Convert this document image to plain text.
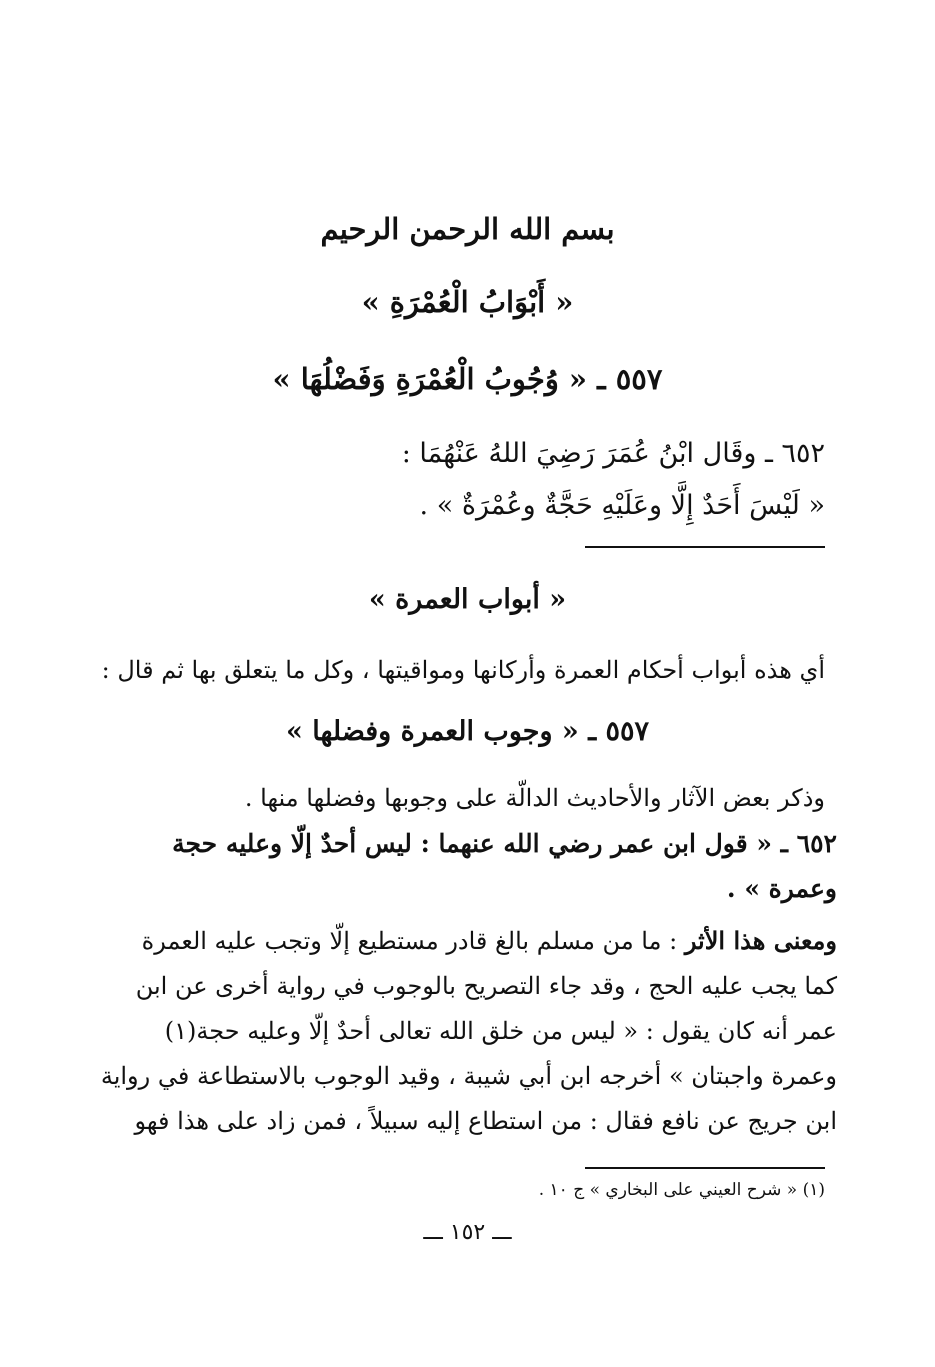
بسم الله الرحمن الرحيم
« أَبْوَابُ الْعُمْرَةِ »
٥٥٧ ـ « وُجُوبُ الْعُمْرَةِ وَفَضْلُهَا »
٦٥٢ ـ وقَال ابْنُ عُمَرَ رَضِيَ اللهُ عَنْهُمَا :
« لَيْسَ أَحَدٌ إِلَّا وعَلَيْهِ حَجَّةٌ وعُمْرَةٌ » .
« أبواب العمرة »
أي هذه أبواب أحكام العمرة وأركانها ومواقيتها ، وكل ما يتعلق بها ثم قال :
٥٥٧ ـ « وجوب العمرة وفضلها »
وذكر بعض الآثار والأحاديث الدالّة على وجوبها وفضلها منها .
٦٥٢ ـ « قول ابن عمر رضي الله عنهما : ليس أحدٌ إلّا وعليه حجة
وعمرة » .
ومعنى هذا الأثر : ما من مسلم بالغ قادر مستطيع إلّا وتجب عليه العمرة
كما يجب عليه الحج ، وقد جاء التصريح بالوجوب في رواية أخرى عن ابن
عمر أنه كان يقول : « ليس من خلق الله تعالى أحدٌ إلّا وعليه حجة(١)
وعمرة واجبتان » أخرجه ابن أبي شيبة ، وقيد الوجوب بالاستطاعة في رواية
ابن جريج عن نافع فقال : من استطاع إليه سبيلاً ، فمن زاد على هذا فهو
(١) « شرح العيني على البخاري » ج ١٠ .
ـــ ١٥٢ ـــ
